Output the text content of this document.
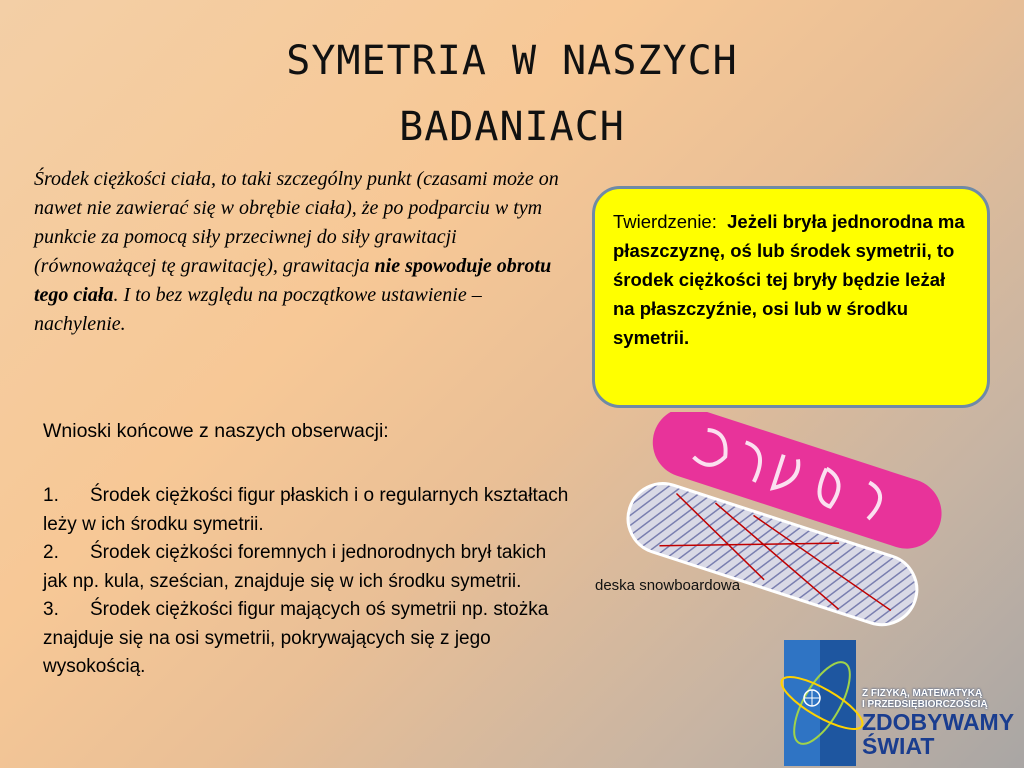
SYMETRIA W NASZYCH
BADANIACH
Środek ciężkości ciała, to taki szczególny punkt (czasami może on nawet nie zawierać się w obrębie ciała), że po podparciu w tym punkcie za pomocą siły przeciwnej do siły grawitacji (równoważącej tę grawitację), grawitacja nie spowoduje obrotu tego ciała. I to bez względu na początkowe ustawienie – nachylenie.
Wnioski końcowe z naszych obserwacji:
1. Środek ciężkości figur płaskich i o regularnych kształtach leży w ich środku symetrii.
2. Środek ciężkości foremnych i jednorodnych brył takich jak np. kula, sześcian, znajduje się w ich środku symetrii.
3. Środek ciężkości figur mających oś symetrii np. stożka znajduje się na osi symetrii, pokrywających się z jego wysokością.
Twierdzenie: Jeżeli bryła jednorodna ma płaszczyznę, oś lub środek symetrii, to środek ciężkości tej bryły będzie leżał na płaszczyźnie, osi lub w środku symetrii.
deska snowboardowa
Z FIZYKĄ, MATEMATYKĄ
I PRZEDSIĘBIORCZOŚCIĄ
ZDOBYWAMY
ŚWIAT
